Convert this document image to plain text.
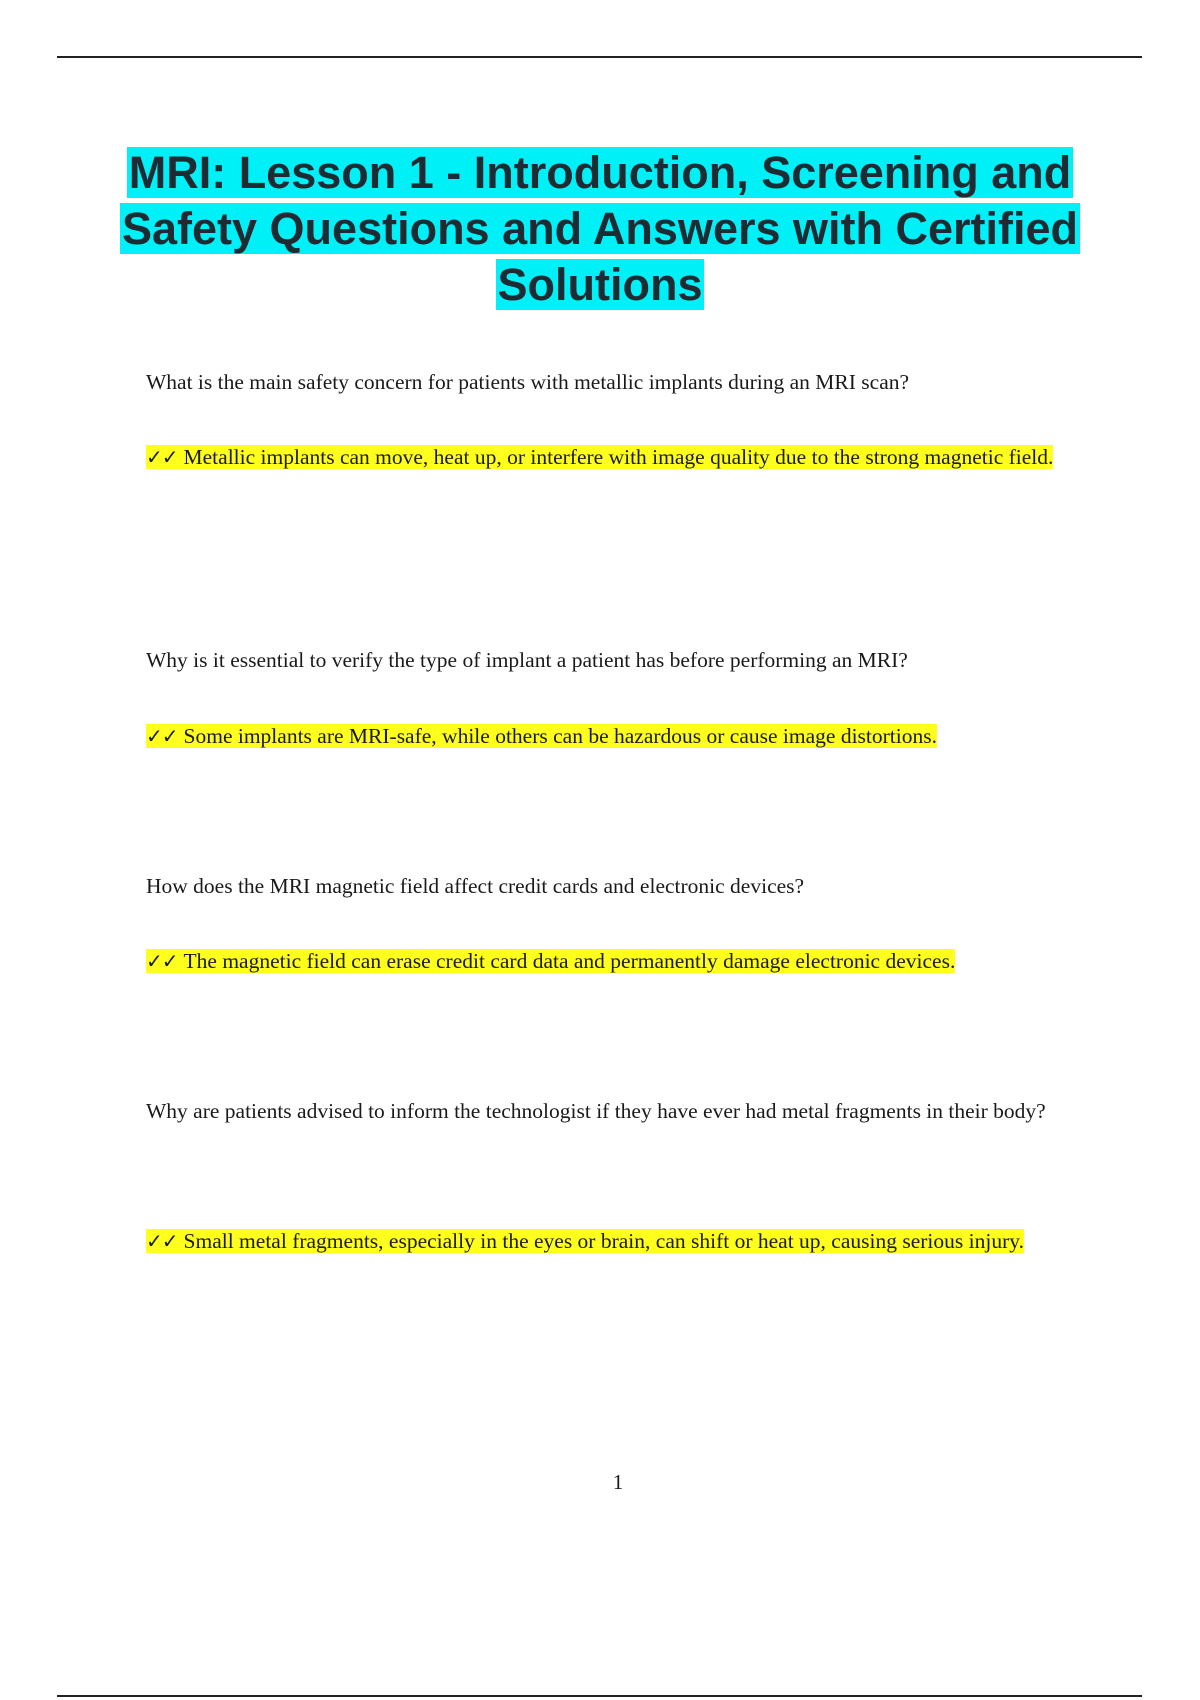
MRI: Lesson 1 - Introduction, Screening and Safety Questions and Answers with Certified Solutions
What is the main safety concern for patients with metallic implants during an MRI scan?
✓✓ Metallic implants can move, heat up, or interfere with image quality due to the strong magnetic field.
Why is it essential to verify the type of implant a patient has before performing an MRI?
✓✓ Some implants are MRI-safe, while others can be hazardous or cause image distortions.
How does the MRI magnetic field affect credit cards and electronic devices?
✓✓ The magnetic field can erase credit card data and permanently damage electronic devices.
Why are patients advised to inform the technologist if they have ever had metal fragments in their body?
✓✓ Small metal fragments, especially in the eyes or brain, can shift or heat up, causing serious injury.
1
